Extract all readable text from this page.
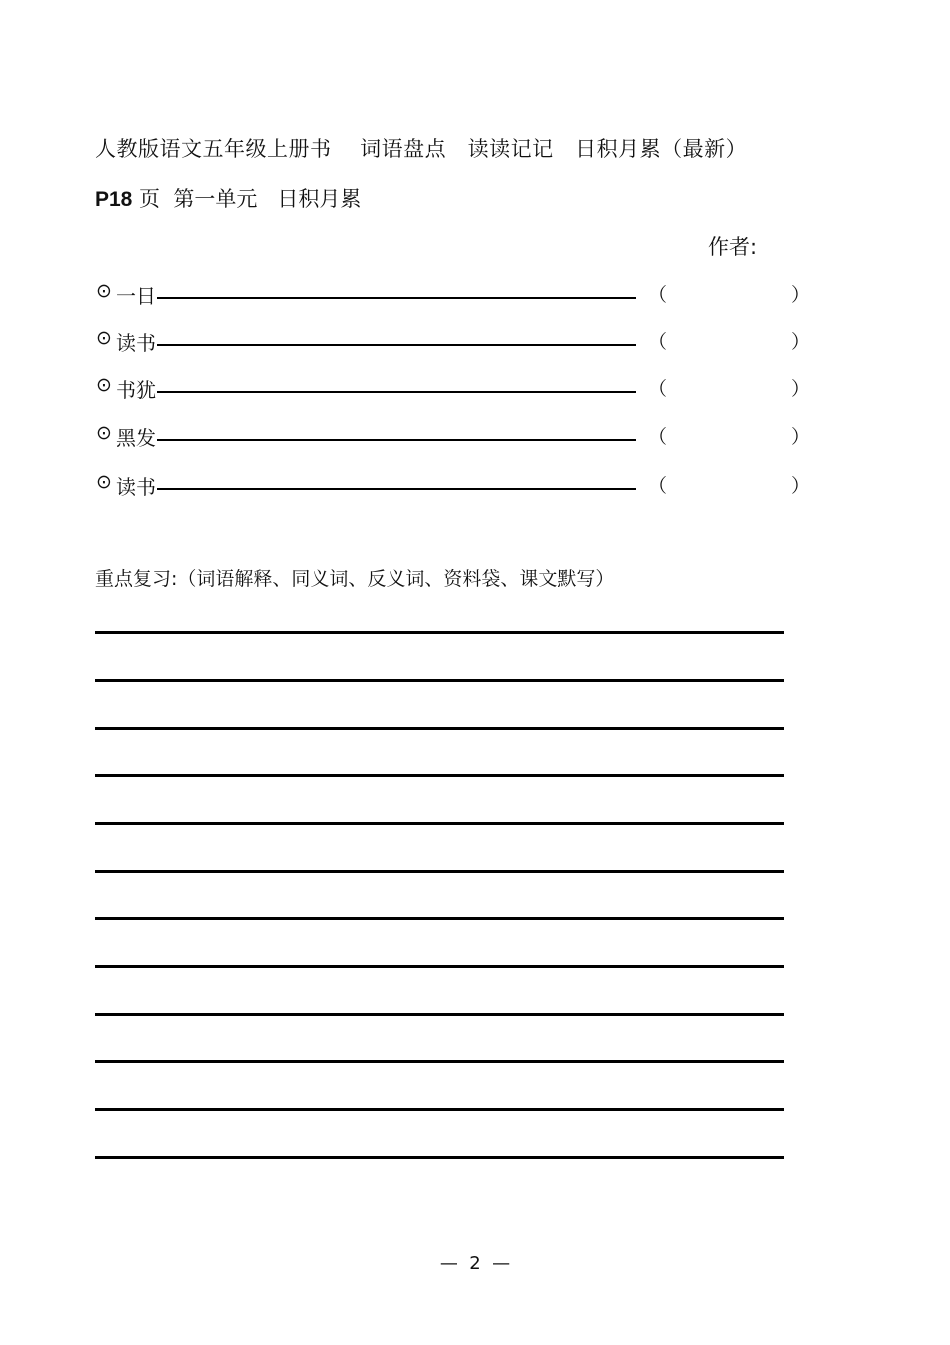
人教版语文五年级上册书　 词语盘点　读读记记　日积月累（最新）
P18 页  第一单元   日积月累
作者:
⊙ 一日	（	）
⊙ 读书	（	）
⊙ 书犹	（	）
⊙ 黑发	（	）
⊙ 读书	（	）
重点复习:（词语解释、同义词、反义词、资料袋、课文默写）
—  2  —
